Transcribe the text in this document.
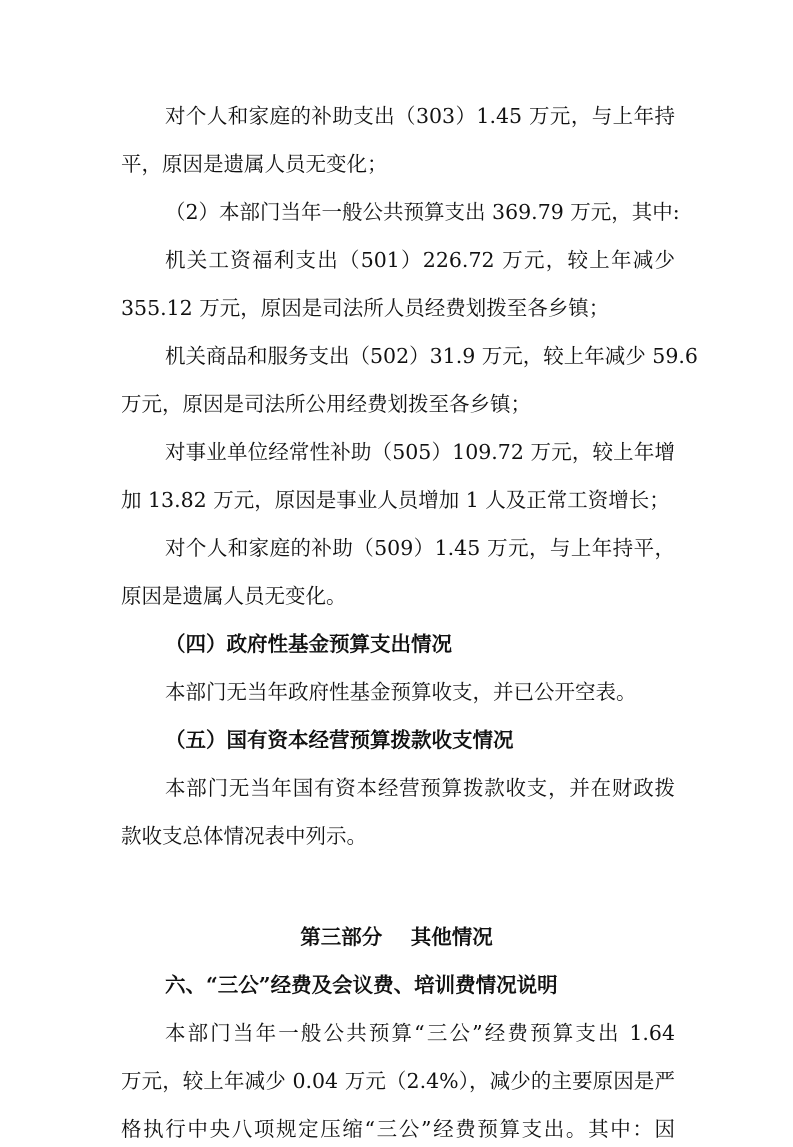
对个人和家庭的补助支出（303）1.45 万元，与上年持
平，原因是遗属人员无变化；
（2）本部门当年一般公共预算支出 369.79 万元，其中:
机关工资福利支出（501）226.72 万元，较上年减少
355.12 万元，原因是司法所人员经费划拨至各乡镇；
机关商品和服务支出（502）31.9 万元，较上年减少 59.6
万元，原因是司法所公用经费划拨至各乡镇；
对事业单位经常性补助（505）109.72 万元，较上年增
加 13.82 万元，原因是事业人员增加 1 人及正常工资增长；
对个人和家庭的补助（509）1.45 万元，与上年持平，
原因是遗属人员无变化。
（四）政府性基金预算支出情况
本部门无当年政府性基金预算收支，并已公开空表。
（五）国有资本经营预算拨款收支情况
本部门无当年国有资本经营预算拨款收支，并在财政拨
款收支总体情况表中列示。
第三部分    其他情况
六、“三公”经费及会议费、培训费情况说明
本部门当年一般公共预算“三公”经费预算支出 1.64
万元，较上年减少 0.04 万元（2.4%），减少的主要原因是严
格执行中央八项规定压缩“三公”经费预算支出。其中：因
